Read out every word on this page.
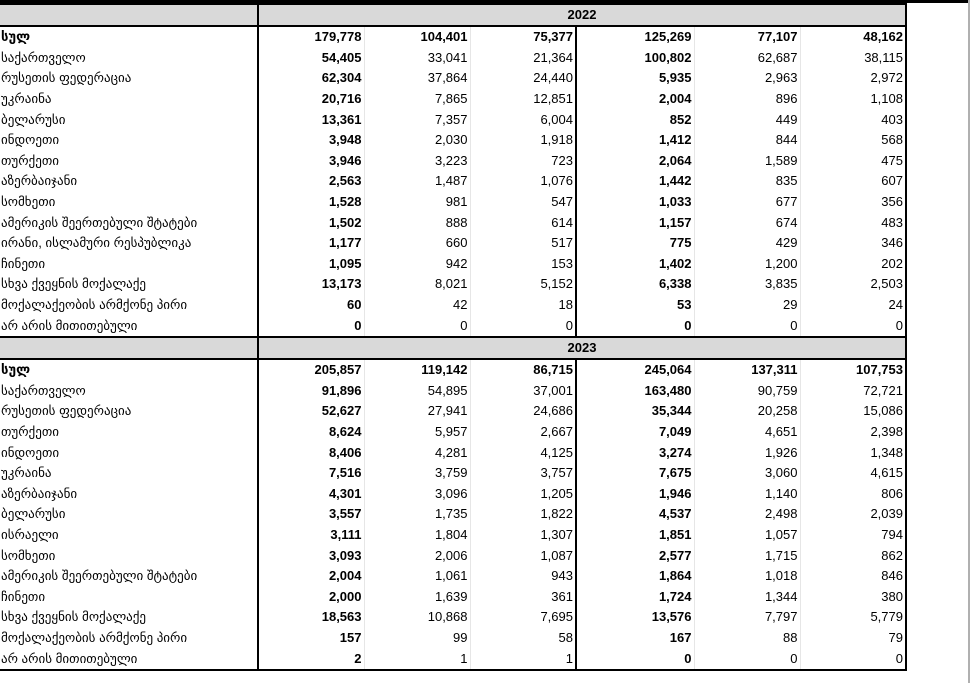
	2022					
სულ	179,778	104,401	75,377	125,269	77,107	48,162
საქართველო	54,405	33,041	21,364	100,802	62,687	38,115
რუსეთის ფედერაცია	62,304	37,864	24,440	5,935	2,963	2,972
უკრაინა	20,716	7,865	12,851	2,004	896	1,108
ბელარუსი	13,361	7,357	6,004	852	449	403
ინდოეთი	3,948	2,030	1,918	1,412	844	568
თურქეთი	3,946	3,223	723	2,064	1,589	475
აზერბაიჯანი	2,563	1,487	1,076	1,442	835	607
სომხეთი	1,528	981	547	1,033	677	356
ამერიკის შეერთებული შტატები	1,502	888	614	1,157	674	483
ირანი, ისლამური რესპუბლიკა	1,177	660	517	775	429	346
ჩინეთი	1,095	942	153	1,402	1,200	202
სხვა ქვეყნის მოქალაქე	13,173	8,021	5,152	6,338	3,835	2,503
მოქალაქეობის არმქონე პირი	60	42	18	53	29	24
არ არის მითითებული	0	0	0	0	0	0
	2023					
სულ	205,857	119,142	86,715	245,064	137,311	107,753
საქართველო	91,896	54,895	37,001	163,480	90,759	72,721
რუსეთის ფედერაცია	52,627	27,941	24,686	35,344	20,258	15,086
თურქეთი	8,624	5,957	2,667	7,049	4,651	2,398
ინდოეთი	8,406	4,281	4,125	3,274	1,926	1,348
უკრაინა	7,516	3,759	3,757	7,675	3,060	4,615
აზერბაიჯანი	4,301	3,096	1,205	1,946	1,140	806
ბელარუსი	3,557	1,735	1,822	4,537	2,498	2,039
ისრაელი	3,111	1,804	1,307	1,851	1,057	794
სომხეთი	3,093	2,006	1,087	2,577	1,715	862
ამერიკის შეერთებული შტატები	2,004	1,061	943	1,864	1,018	846
ჩინეთი	2,000	1,639	361	1,724	1,344	380
სხვა ქვეყნის მოქალაქე	18,563	10,868	7,695	13,576	7,797	5,779
მოქალაქეობის არმქონე პირი	157	99	58	167	88	79
არ არის მითითებული	2	1	1	0	0	0
